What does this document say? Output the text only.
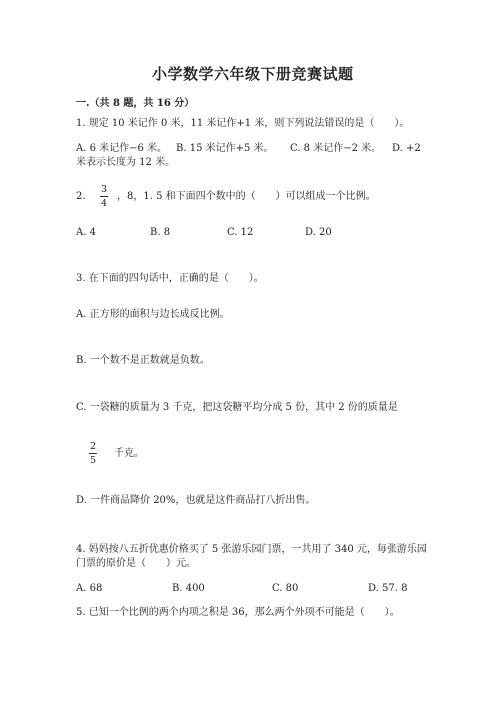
小学数学六年级下册竞赛试题
一.（共 8 题，共 16 分）
1. 规定 10 米记作 0 米，11 米记作+1 米，则下列说法错误的是（　　）。
A. 6 米记作−6 米。 B. 15 米记作+5 米。 C. 8 米记作−2 米。 D. +2
米表示长度为 12 米。
2.
3
4
，8，1. 5 和下面四个数中的（　　）可以组成一个比例。
A. 4	B. 8	C. 12	D. 20
3. 在下面的四句话中，正确的是（　　）。
A. 正方形的面积与边长成反比例。
B. 一个数不是正数就是负数。
C. 一袋糖的质量为 3 千克，把这袋糖平均分成 5 份，其中 2 份的质量是
2
5
千克。
D. 一件商品降价 20%，也就是这件商品打八折出售。
4. 妈妈按八五折优惠价格买了 5 张游乐园门票，一共用了 340 元，每张游乐园
门票的原价是（　　）元。
A. 68	B. 400	C. 80	D. 57. 8
5. 已知一个比例的两个内项之积是 36，那么两个外项不可能是（　　）。
